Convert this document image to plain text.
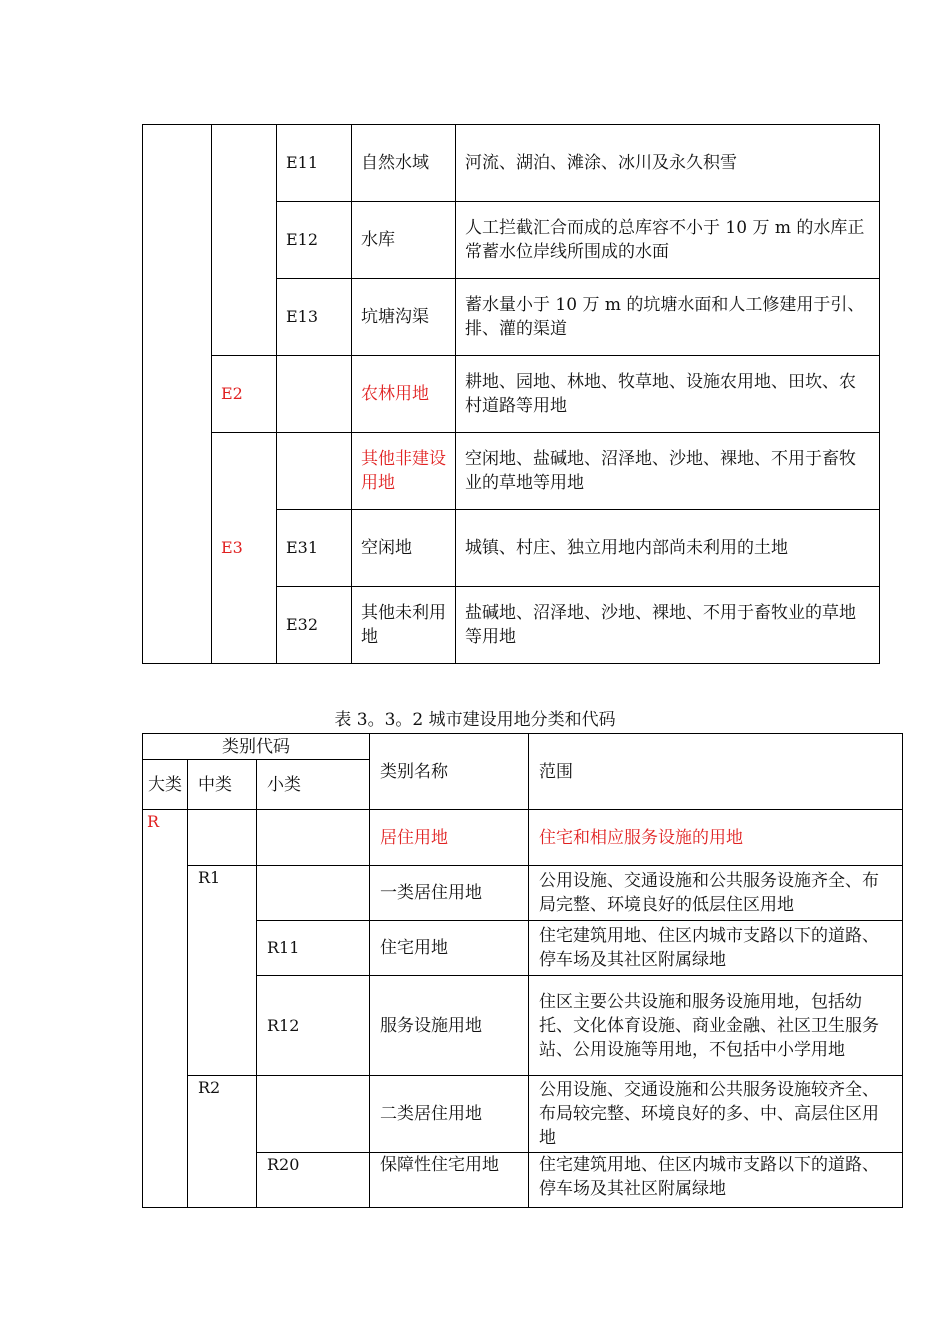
		E11	自然水域	河流、湖泊、滩涂、冰川及永久积雪
		E12	水库	人工拦截汇合而成的总库容不小于 10 万 m 的水库正常蓄水位岸线所围成的水面
		E13	坑塘沟渠	蓄水量小于 10 万 m 的坑塘水面和人工修建用于引、排、灌的渠道
	E2		农林用地	耕地、园地、林地、牧草地、设施农用地、田坎、农村道路等用地
	E3		其他非建设用地	空闲地、盐碱地、沼泽地、沙地、裸地、不用于畜牧业的草地等用地
		E31	空闲地	城镇、村庄、独立用地内部尚未利用的土地
		E32	其他未利用地	盐碱地、沼泽地、沙地、裸地、不用于畜牧业的草地等用地
表 3。3。2 城市建设用地分类和代码
类别代码			类别名称	范围
大类	中类	小类		
R			居住用地	住宅和相应服务设施的用地
	R1		一类居住用地	公用设施、交通设施和公共服务设施齐全、布局完整、环境良好的低层住区用地
		R11	住宅用地	住宅建筑用地、住区内城市支路以下的道路、停车场及其社区附属绿地
		R12	服务设施用地	住区主要公共设施和服务设施用地，包括幼托、文化体育设施、商业金融、社区卫生服务站、公用设施等用地，不包括中小学用地
	R2		二类居住用地	公用设施、交通设施和公共服务设施较齐全、布局较完整、环境良好的多、中、高层住区用地
		R20	保障性住宅用地	住宅建筑用地、住区内城市支路以下的道路、停车场及其社区附属绿地
